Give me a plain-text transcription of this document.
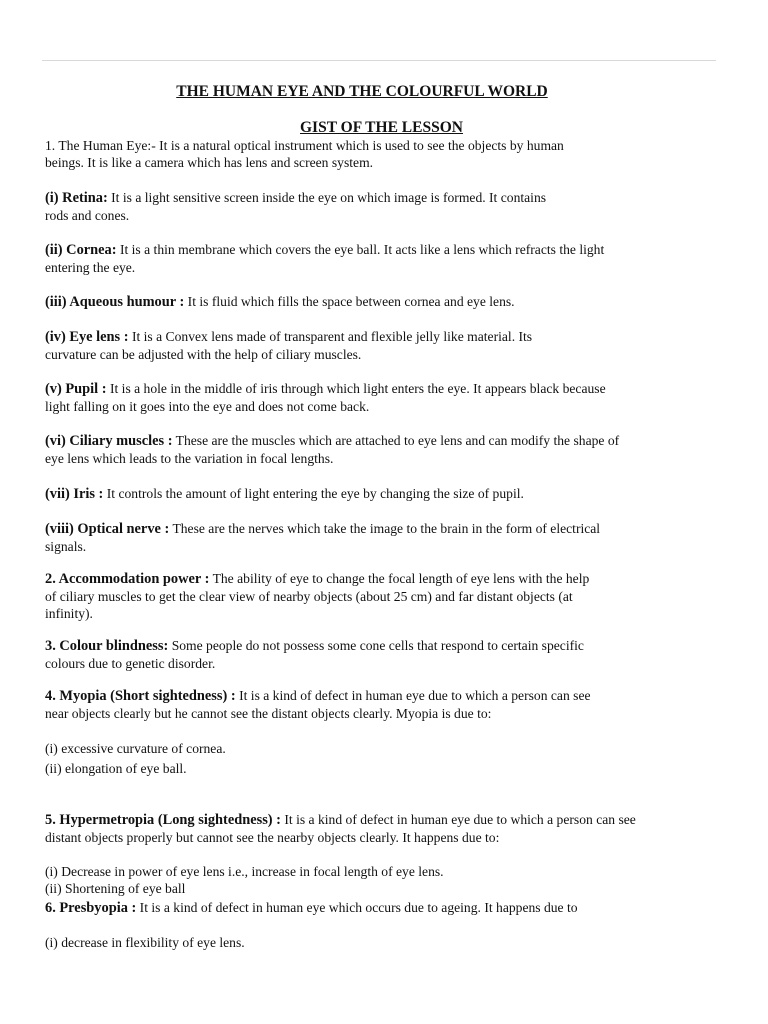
THE HUMAN EYE AND THE COLOURFUL WORLD
GIST OF THE LESSON
1. The Human Eye:- It is a natural optical instrument which is used to see the objects by human
beings. It is like a camera which has lens and screen system.
(i) Retina: It is a light sensitive screen inside the eye on which image is formed. It contains
rods and cones.
(ii) Cornea: It is a thin membrane which covers the eye ball. It acts like a lens which refracts the light
entering the eye.
(iii) Aqueous humour : It is fluid which fills the space between cornea and eye lens.
(iv) Eye lens : It is a Convex lens made of transparent and flexible jelly like material. Its
curvature can be adjusted with the help of ciliary muscles.
(v) Pupil : It is a hole in the middle of iris through which light enters the eye. It appears black because
light falling on it goes into the eye and does not come back.
(vi) Ciliary muscles : These are the muscles which are attached to eye lens and can modify the shape of
eye lens which leads to the variation in focal lengths.
(vii) Iris : It controls the amount of light entering the eye by changing the size of pupil.
(viii) Optical nerve : These are the nerves which take the image to the brain in the form of electrical
signals.
2. Accommodation power : The ability of eye to change the focal length of eye lens with the help
of ciliary muscles to get the clear view of nearby objects (about 25 cm) and far distant objects (at
infinity).
3. Colour blindness: Some people do not possess some cone cells that respond to certain specific
colours due to genetic disorder.
4. Myopia (Short sightedness) : It is a kind of defect in human eye due to which a person can see
near objects clearly but he cannot see the distant objects clearly. Myopia is due to:
(i) excessive curvature of cornea.
(ii) elongation of eye ball.
5. Hypermetropia (Long sightedness) : It is a kind of defect in human eye due to which a person can see
distant objects properly but cannot see the nearby objects clearly. It happens due to:
(i) Decrease in power of eye lens i.e., increase in focal length of eye lens.
(ii) Shortening of eye ball
6. Presbyopia : It is a kind of defect in human eye which occurs due to ageing. It happens due to
(i) decrease in flexibility of eye lens.
